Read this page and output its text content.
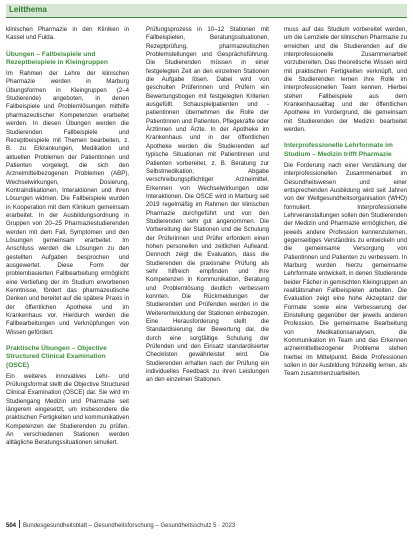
Leitthema

klinischen Pharmazie in den Kliniken in Kassel und Fulda.

Übungen – Fallbeispiele und Rezeptbeispiele in Kleingruppen

Im Rahmen der Lehre der klinischen Pharmazie werden in Marburg Übungsformen in Kleingruppen (2–4 Studierende) angeboten, in denen Fallbeispiele und Problemlösungen mithilfe pharmazeutischer Kompetenzen erarbeitet werden. In diesen Übungen werden die Studierenden Fallbeispiele und Rezeptbeispiele mit Themen bearbeiten, z. B. zu Erkrankungen, Medikation und aktuellen Problemen der Patientinnen und Patienten vorgelegt, die sich den Arzneimittelbezogenen Problemen (ABP), Wechselwirkungen, Dosierung, Kontraindikationen, Interaktionen und ihren Lösungen widmen. Die Fallbeispiele wurden in Kooperation mit dem Klinikum gemeinsam erarbeitet. In der Ausbildungsordnung in Gruppen von 20–25 Pharmaziestudierenden werden mit dem Fall, Symptomen und den Lösungen gemeinsam erarbeitet. Im Anschluss werden die Lösungen zu den gestellten Aufgaben besprochen und ausgewertet. Diese Form der problembasierten Fallbearbeitung ermöglicht eine Vertiefung der im Studium erworbenen Kenntnisse, fördert das pharmazeutische Denken und bereitet auf die spätere Praxis in der öffentlichen Apotheke und im Krankenhaus vor. Hierdurch werden die Fallbearbeitungen und Verknüpfungen von Wissen gefördert.

Praktische Übungen – Objective Structured Clinical Examination (OSCE)

Ein weiteres innovatives Lehr- und Prüfungsformat stellt die Objective Structured Clinical Examination (OSCE) dar. Sie wird im Studiengang Medizin und Pharmazie seit längerem eingesetzt, um insbesondere die praktischen Fertigkeiten und kommunikativen Kompetenzen der Studierenden zu prüfen. An verschiedenen Stationen werden alltägliche Beratungssituationen simuliert.

Prüfungsprozess in 10–12 Stationen mit Fallbeispielen, Beratungssituationen, Rezeptprüfung, pharmazeutischen Problemstellungen und Gesprächsführung. Die Studierenden müssen in einer festgelegten Zeit an den einzelnen Stationen die Aufgabe lösen. Dabei wird von geschulten Prüferinnen und Prüfern ein Bewertungsbogen mit festgelegten Kriterien ausgefüllt. Schauspielpatienten und -patientinnen übernehmen die Rolle der Patientinnen und Patienten, Pflegekräfte oder Ärztinnen und Ärzte. In der Apotheke im Krankenhaus und in der öffentlichen Apotheke werden die Studierenden auf typische Situationen mit Patientinnen und Patienten vorbereitet, z. B. Beratung zur Selbstmedikation, Abgabe verschreibungspflichtiger Arzneimittel, Erkennen von Wechselwirkungen oder Interaktionen. Die OSCE wird in Marburg seit 2019 regelmäßig im Rahmen der klinischen Pharmazie durchgeführt und von den Studierenden sehr gut angenommen. Die Vorbereitung der Stationen und die Schulung der Prüferinnen und Prüfer erfordern einen hohen personellen und zeitlichen Aufwand. Dennoch zeigt die Evaluation, dass die Studierenden die praxisnahe Prüfung als sehr hilfreich empfinden und ihre Kompetenzen in Kommunikation, Beratung und Problemlösung deutlich verbessern konnten. Die Rückmeldungen der Studierenden und Prüfenden werden in die Weiterentwicklung der Stationen einbezogen. Eine Herausforderung stellt die Standardisierung der Bewertung dar, die durch eine sorgfältige Schulung der Prüfenden und den Einsatz standardisierter Checklisten gewährleistet wird. Die Studierenden erhalten nach der Prüfung ein individuelles Feedback zu ihren Leistungen an den einzelnen Stationen.

muss auf das Studium vorbereitet werden, um die Lernziele der klinischen Pharmazie zu erreichen und die Studierenden auf die interprofessionelle Zusammenarbeit vorzubereiten. Das theoretische Wissen wird mit praktischen Fertigkeiten verknüpft, und die Studierenden lernen ihre Rolle im interprofessionellen Team kennen. Hierbei stehen Fallbeispiele aus dem Krankenhausalltag und der öffentlichen Apotheke im Vordergrund, die gemeinsam mit Studierenden der Medizin bearbeitet werden.

Interprofessionelle Lehrformate im Studium – Medizin trifft Pharmazie

Die Forderung nach einer Verstärkung der interprofessionellen Zusammenarbeit im Gesundheitswesen und einer entsprechenden Ausbildung wird seit Jahren von der Weltgesundheitsorganisation (WHO) formuliert. Interprofessionelle Lehrveranstaltungen sollen den Studierenden der Medizin und Pharmazie ermöglichen, die jeweils andere Profession kennenzulernen, gegenseitiges Verständnis zu entwickeln und die gemeinsame Versorgung von Patientinnen und Patienten zu verbessern. In Marburg wurden hierzu gemeinsame Lehrformate entwickelt, in denen Studierende beider Fächer in gemischten Kleingruppen an realitätsnahen Fallbeispielen arbeiten. Die Evaluation zeigt eine hohe Akzeptanz der Formate sowie eine Verbesserung der Einstellung gegenüber der jeweils anderen Profession. Die gemeinsame Bearbeitung von Medikationsanalysen, die Kommunikation im Team und das Erkennen arzneimittelbezogener Probleme stehen hierbei im Mittelpunkt. Beide Professionen sollen in der Ausbildung frühzeitig lernen, als Team zusammenzuarbeiten.

504 Bundesgesundheitsblatt – Gesundheitsforschung – Gesundheitsschutz 5 · 2023
